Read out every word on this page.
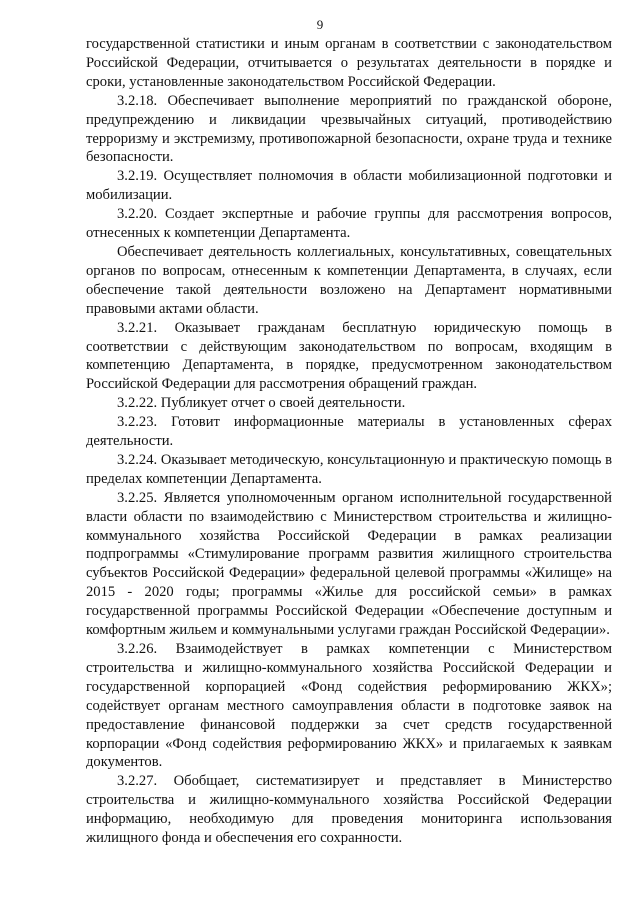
9

государственной статистики и иным органам в соответствии с законодательством Российской Федерации, отчитывается о результатах деятельности в порядке и сроки, установленные законодательством Российской Федерации.

3.2.18. Обеспечивает выполнение мероприятий по гражданской обороне, предупреждению и ликвидации чрезвычайных ситуаций, противодействию терроризму и экстремизму, противопожарной безопасности, охране труда и технике безопасности.

3.2.19. Осуществляет полномочия в области мобилизационной подготовки и мобилизации.

3.2.20. Создает экспертные и рабочие группы для рассмотрения вопросов, отнесенных к компетенции Департамента.

Обеспечивает деятельность коллегиальных, консультативных, совещательных органов по вопросам, отнесенным к компетенции Департамента, в случаях, если обеспечение такой деятельности возложено на Департамент нормативными правовыми актами области.

3.2.21. Оказывает гражданам бесплатную юридическую помощь в соответствии с действующим законодательством по вопросам, входящим в компетенцию Департамента, в порядке, предусмотренном законодательством Российской Федерации для рассмотрения обращений граждан.

3.2.22. Публикует отчет о своей деятельности.

3.2.23. Готовит информационные материалы в установленных сферах деятельности.

3.2.24. Оказывает методическую, консультационную и практическую помощь в пределах компетенции Департамента.

3.2.25. Является уполномоченным органом исполнительной государственной власти области по взаимодействию с Министерством строительства и жилищно-коммунального хозяйства Российской Федерации в рамках реализации подпрограммы «Стимулирование программ развития жилищного строительства субъектов Российской Федерации» федеральной целевой программы «Жилище» на 2015 - 2020 годы; программы «Жилье для российской семьи» в рамках государственной программы Российской Федерации «Обеспечение доступным и комфортным жильем и коммунальными услугами граждан Российской Федерации».

3.2.26. Взаимодействует в рамках компетенции с Министерством строительства и жилищно-коммунального хозяйства Российской Федерации и государственной корпорацией «Фонд содействия реформированию ЖКХ»; содействует органам местного самоуправления области в подготовке заявок на предоставление финансовой поддержки за счет средств государственной корпорации «Фонд содействия реформированию ЖКХ» и прилагаемых к заявкам документов.

3.2.27. Обобщает, систематизирует и представляет в Министерство строительства и жилищно-коммунального хозяйства Российской Федерации информацию, необходимую для проведения мониторинга использования жилищного фонда и обеспечения его сохранности.
